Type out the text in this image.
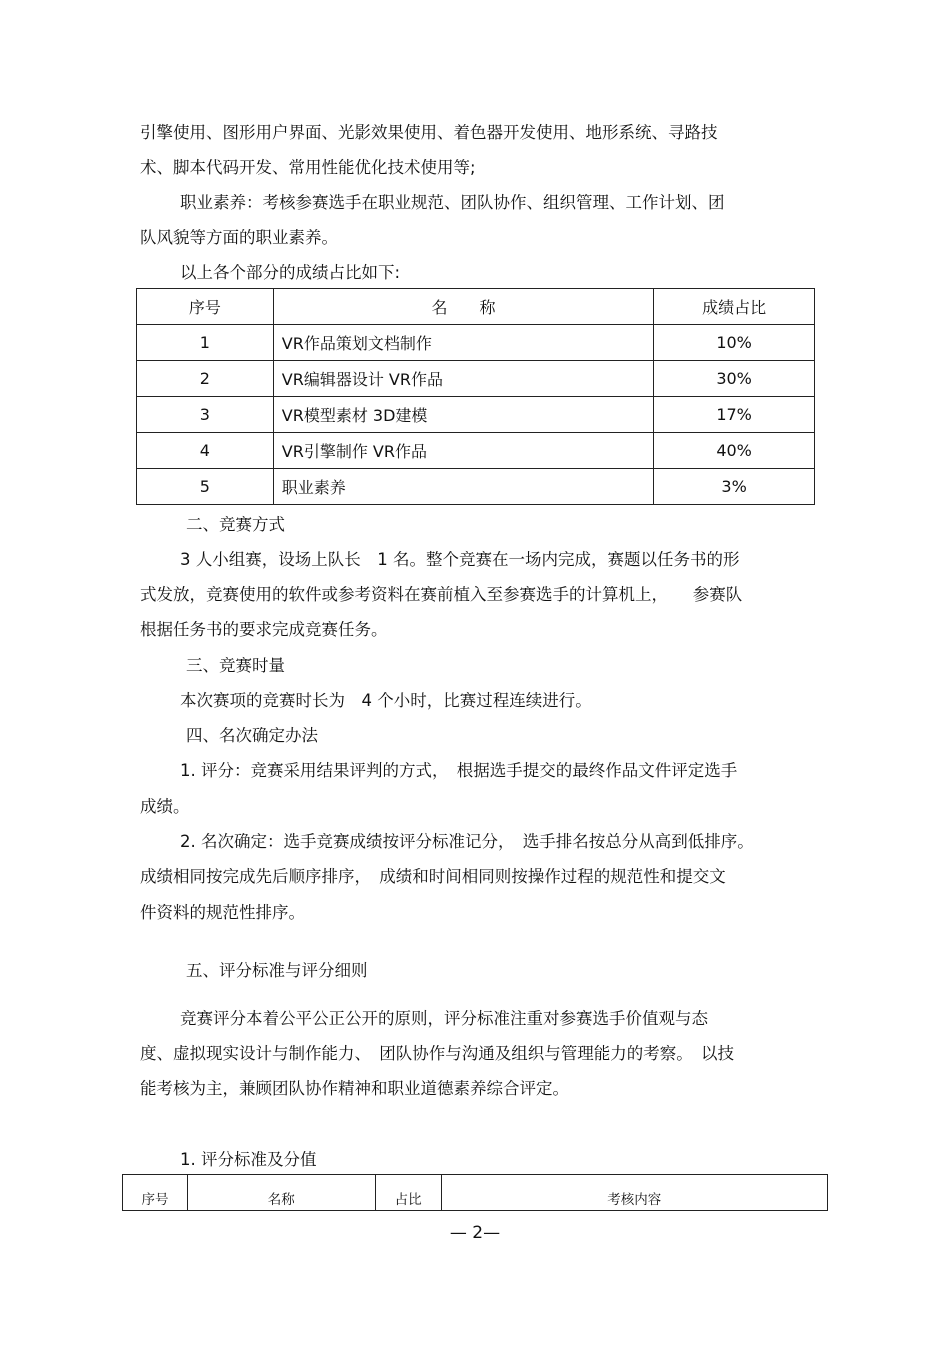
引擎使用、图形用户界面、光影效果使用、着色器开发使用、地形系统、寻路技
术、脚本代码开发、常用性能优化技术使用等;
职业素养：考核参赛选手在职业规范、团队协作、组织管理、工作计划、团
队风貌等方面的职业素养。
以上各个部分的成绩占比如下:
序号	名　　称	成绩占比
1	VR作品策划文档制作	10%
2	VR编辑器设计 VR作品	30%
3	VR模型素材 3D建模	17%
4	VR引擎制作 VR作品	40%
5	职业素养	3%
二、竞赛方式
3 人小组赛，设场上队长　1 名。整个竞赛在一场内完成，赛题以任务书的形
式发放，竞赛使用的软件或参考资料在赛前植入至参赛选手的计算机上，　　参赛队
根据任务书的要求完成竞赛任务。
三、竞赛时量
本次赛项的竞赛时长为　4 个小时，比赛过程连续进行。
四、名次确定办法
1. 评分：竞赛采用结果评判的方式，　根据选手提交的最终作品文件评定选手
成绩。
2. 名次确定：选手竞赛成绩按评分标准记分，　选手排名按总分从高到低排序。
成绩相同按完成先后顺序排序，　成绩和时间相同则按操作过程的规范性和提交文
件资料的规范性排序。
五、评分标准与评分细则
竞赛评分本着公平公正公开的原则，评分标准注重对参赛选手价值观与态
度、虚拟现实设计与制作能力、　团队协作与沟通及组织与管理能力的考察。　以技
能考核为主，兼顾团队协作精神和职业道德素养综合评定。
1. 评分标准及分值
序号	名称	占比	考核内容
— 2—
